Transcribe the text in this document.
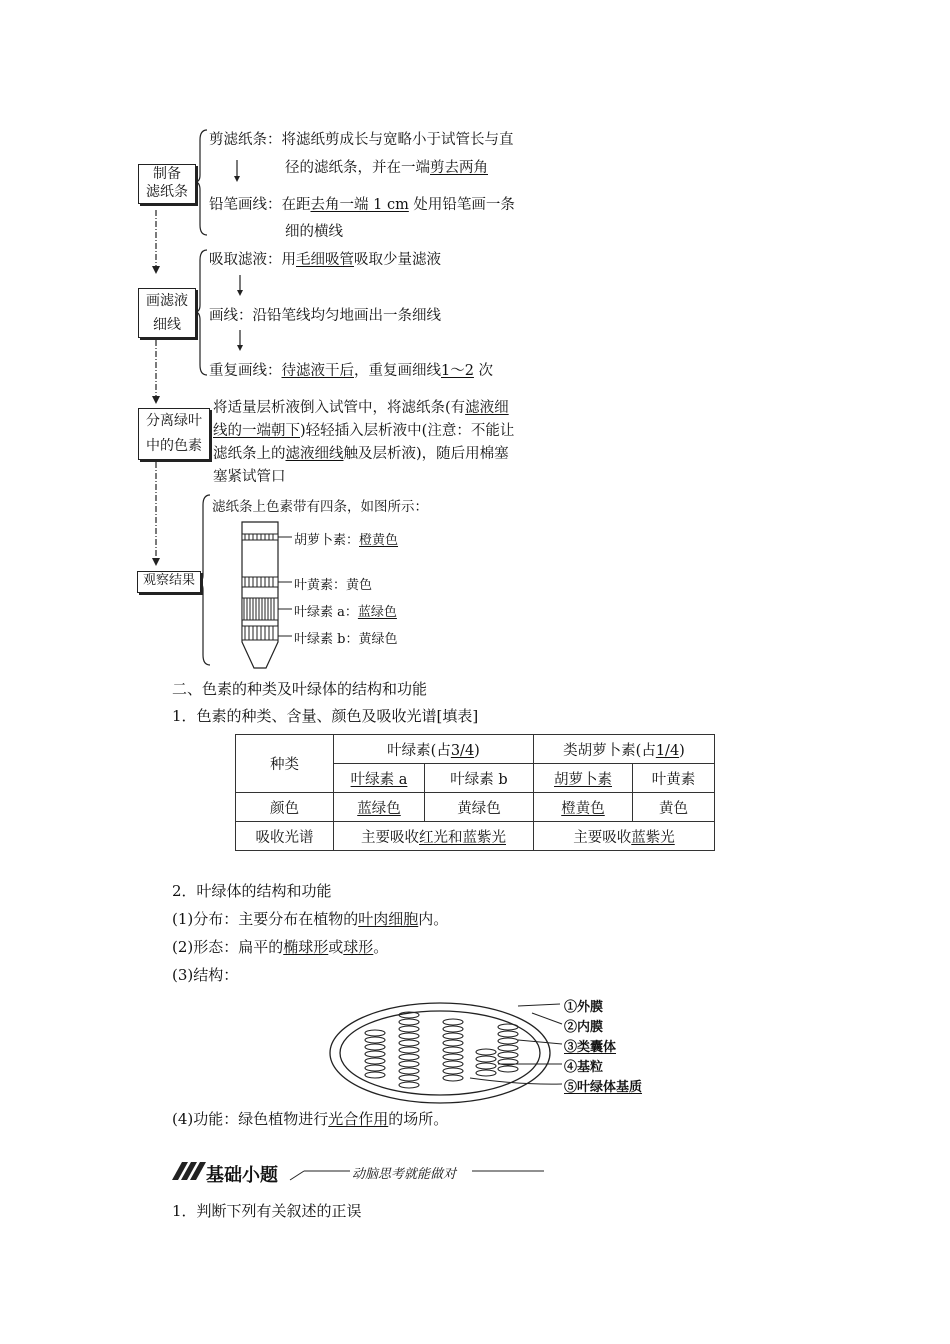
制备
滤纸条
画滤液
细线
分离绿叶
中的色素
观察结果
剪滤纸条：将滤纸剪成长与宽略小于试管长与直
径的滤纸条，并在一端剪去两角
铅笔画线：在距去角一端 1 cm 处用铅笔画一条
细的横线
吸取滤液：用毛细吸管吸取少量滤液
画线：沿铅笔线均匀地画出一条细线
重复画线：待滤液干后，重复画细线1～2 次
将适量层析液倒入试管中，将滤纸条(有滤液细
线的一端朝下)轻轻插入层析液中(注意：不能让
滤纸条上的滤液细线触及层析液)，随后用棉塞
塞紧试管口
滤纸条上色素带有四条，如图所示：
胡萝卜素：橙黄色
叶黄素：黄色
叶绿素 a：蓝绿色
叶绿素 b：黄绿色
二、色素的种类及叶绿体的结构和功能
1．色素的种类、含量、颜色及吸收光谱[填表]
种类	叶绿素(占3/4)		类胡萝卜素(占1/4)	
	叶绿素 a	叶绿素 b	胡萝卜素	叶黄素
颜色	蓝绿色	黄绿色	橙黄色	黄色
吸收光谱	主要吸收红光和蓝紫光		主要吸收蓝紫光	
2．叶绿体的结构和功能
(1)分布：主要分布在植物的叶肉细胞内。
(2)形态：扁平的椭球形或球形。
(3)结构：
①外膜
②内膜
③类囊体
④基粒
⑤叶绿体基质
(4)功能：绿色植物进行光合作用的场所。
基础小题	动脑思考就能做对
1．判断下列有关叙述的正误
